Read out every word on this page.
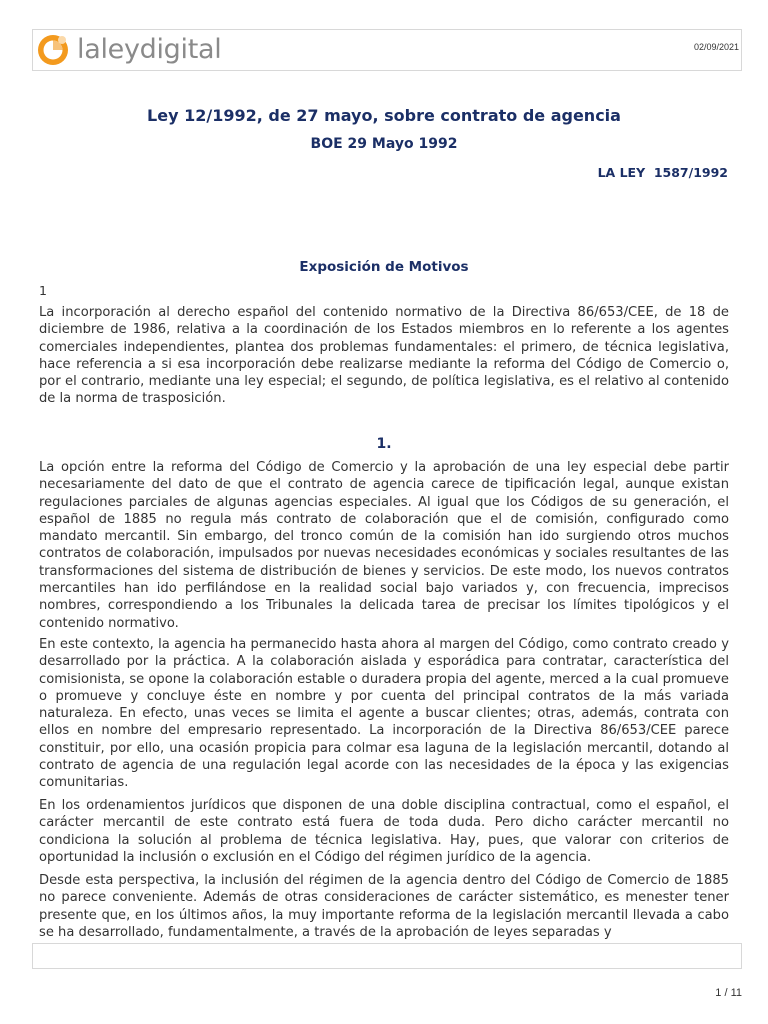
laleydigital	02/09/2021
Ley 12/1992, de 27 mayo, sobre contrato de agencia
BOE 29 Mayo 1992
LA LEY  1587/1992
Exposición de Motivos
1

La incorporación al derecho español del contenido normativo de la Directiva 86/653/CEE, de 18 de diciembre de 1986, relativa a la coordinación de los Estados miembros en lo referente a los agentes comerciales independientes, plantea dos problemas fundamentales: el primero, de técnica legislativa, hace referencia a si esa incorporación debe realizarse mediante la reforma del Código de Comercio o, por el contrario, mediante una ley especial; el segundo, de política legislativa, es el relativo al contenido de la norma de trasposición.

1.

La opción entre la reforma del Código de Comercio y la aprobación de una ley especial debe partir necesariamente del dato de que el contrato de agencia carece de tipificación legal, aunque existan regulaciones parciales de algunas agencias especiales. Al igual que los Códigos de su generación, el español de 1885 no regula más contrato de colaboración que el de comisión, configurado como mandato mercantil. Sin embargo, del tronco común de la comisión han ido surgiendo otros muchos contratos de colaboración, impulsados por nuevas necesidades económicas y sociales resultantes de las transformaciones del sistema de distribución de bienes y servicios. De este modo, los nuevos contratos mercantiles han ido perfilándose en la realidad social bajo variados y, con frecuencia, imprecisos nombres, correspondiendo a los Tribunales la delicada tarea de precisar los límites tipológicos y el contenido normativo.

En este contexto, la agencia ha permanecido hasta ahora al margen del Código, como contrato creado y desarrollado por la práctica. A la colaboración aislada y esporádica para contratar, característica del comisionista, se opone la colaboración estable o duradera propia del agente, merced a la cual promueve o promueve y concluye éste en nombre y por cuenta del principal contratos de la más variada naturaleza. En efecto, unas veces se limita el agente a buscar clientes; otras, además, contrata con ellos en nombre del empresario representado. La incorporación de la Directiva 86/653/CEE parece constituir, por ello, una ocasión propicia para colmar esa laguna de la legislación mercantil, dotando al contrato de agencia de una regulación legal acorde con las necesidades de la época y las exigencias comunitarias.

En los ordenamientos jurídicos que disponen de una doble disciplina contractual, como el español, el carácter mercantil de este contrato está fuera de toda duda. Pero dicho carácter mercantil no condiciona la solución al problema de técnica legislativa. Hay, pues, que valorar con criterios de oportunidad la inclusión o exclusión en el Código del régimen jurídico de la agencia.

Desde esta perspectiva, la inclusión del régimen de la agencia dentro del Código de Comercio de 1885 no parece conveniente. Además de otras consideraciones de carácter sistemático, es menester tener presente que, en los últimos años, la muy importante reforma de la legislación mercantil llevada a cabo se ha desarrollado, fundamentalmente, a través de la aprobación de leyes separadas y

1 / 11
